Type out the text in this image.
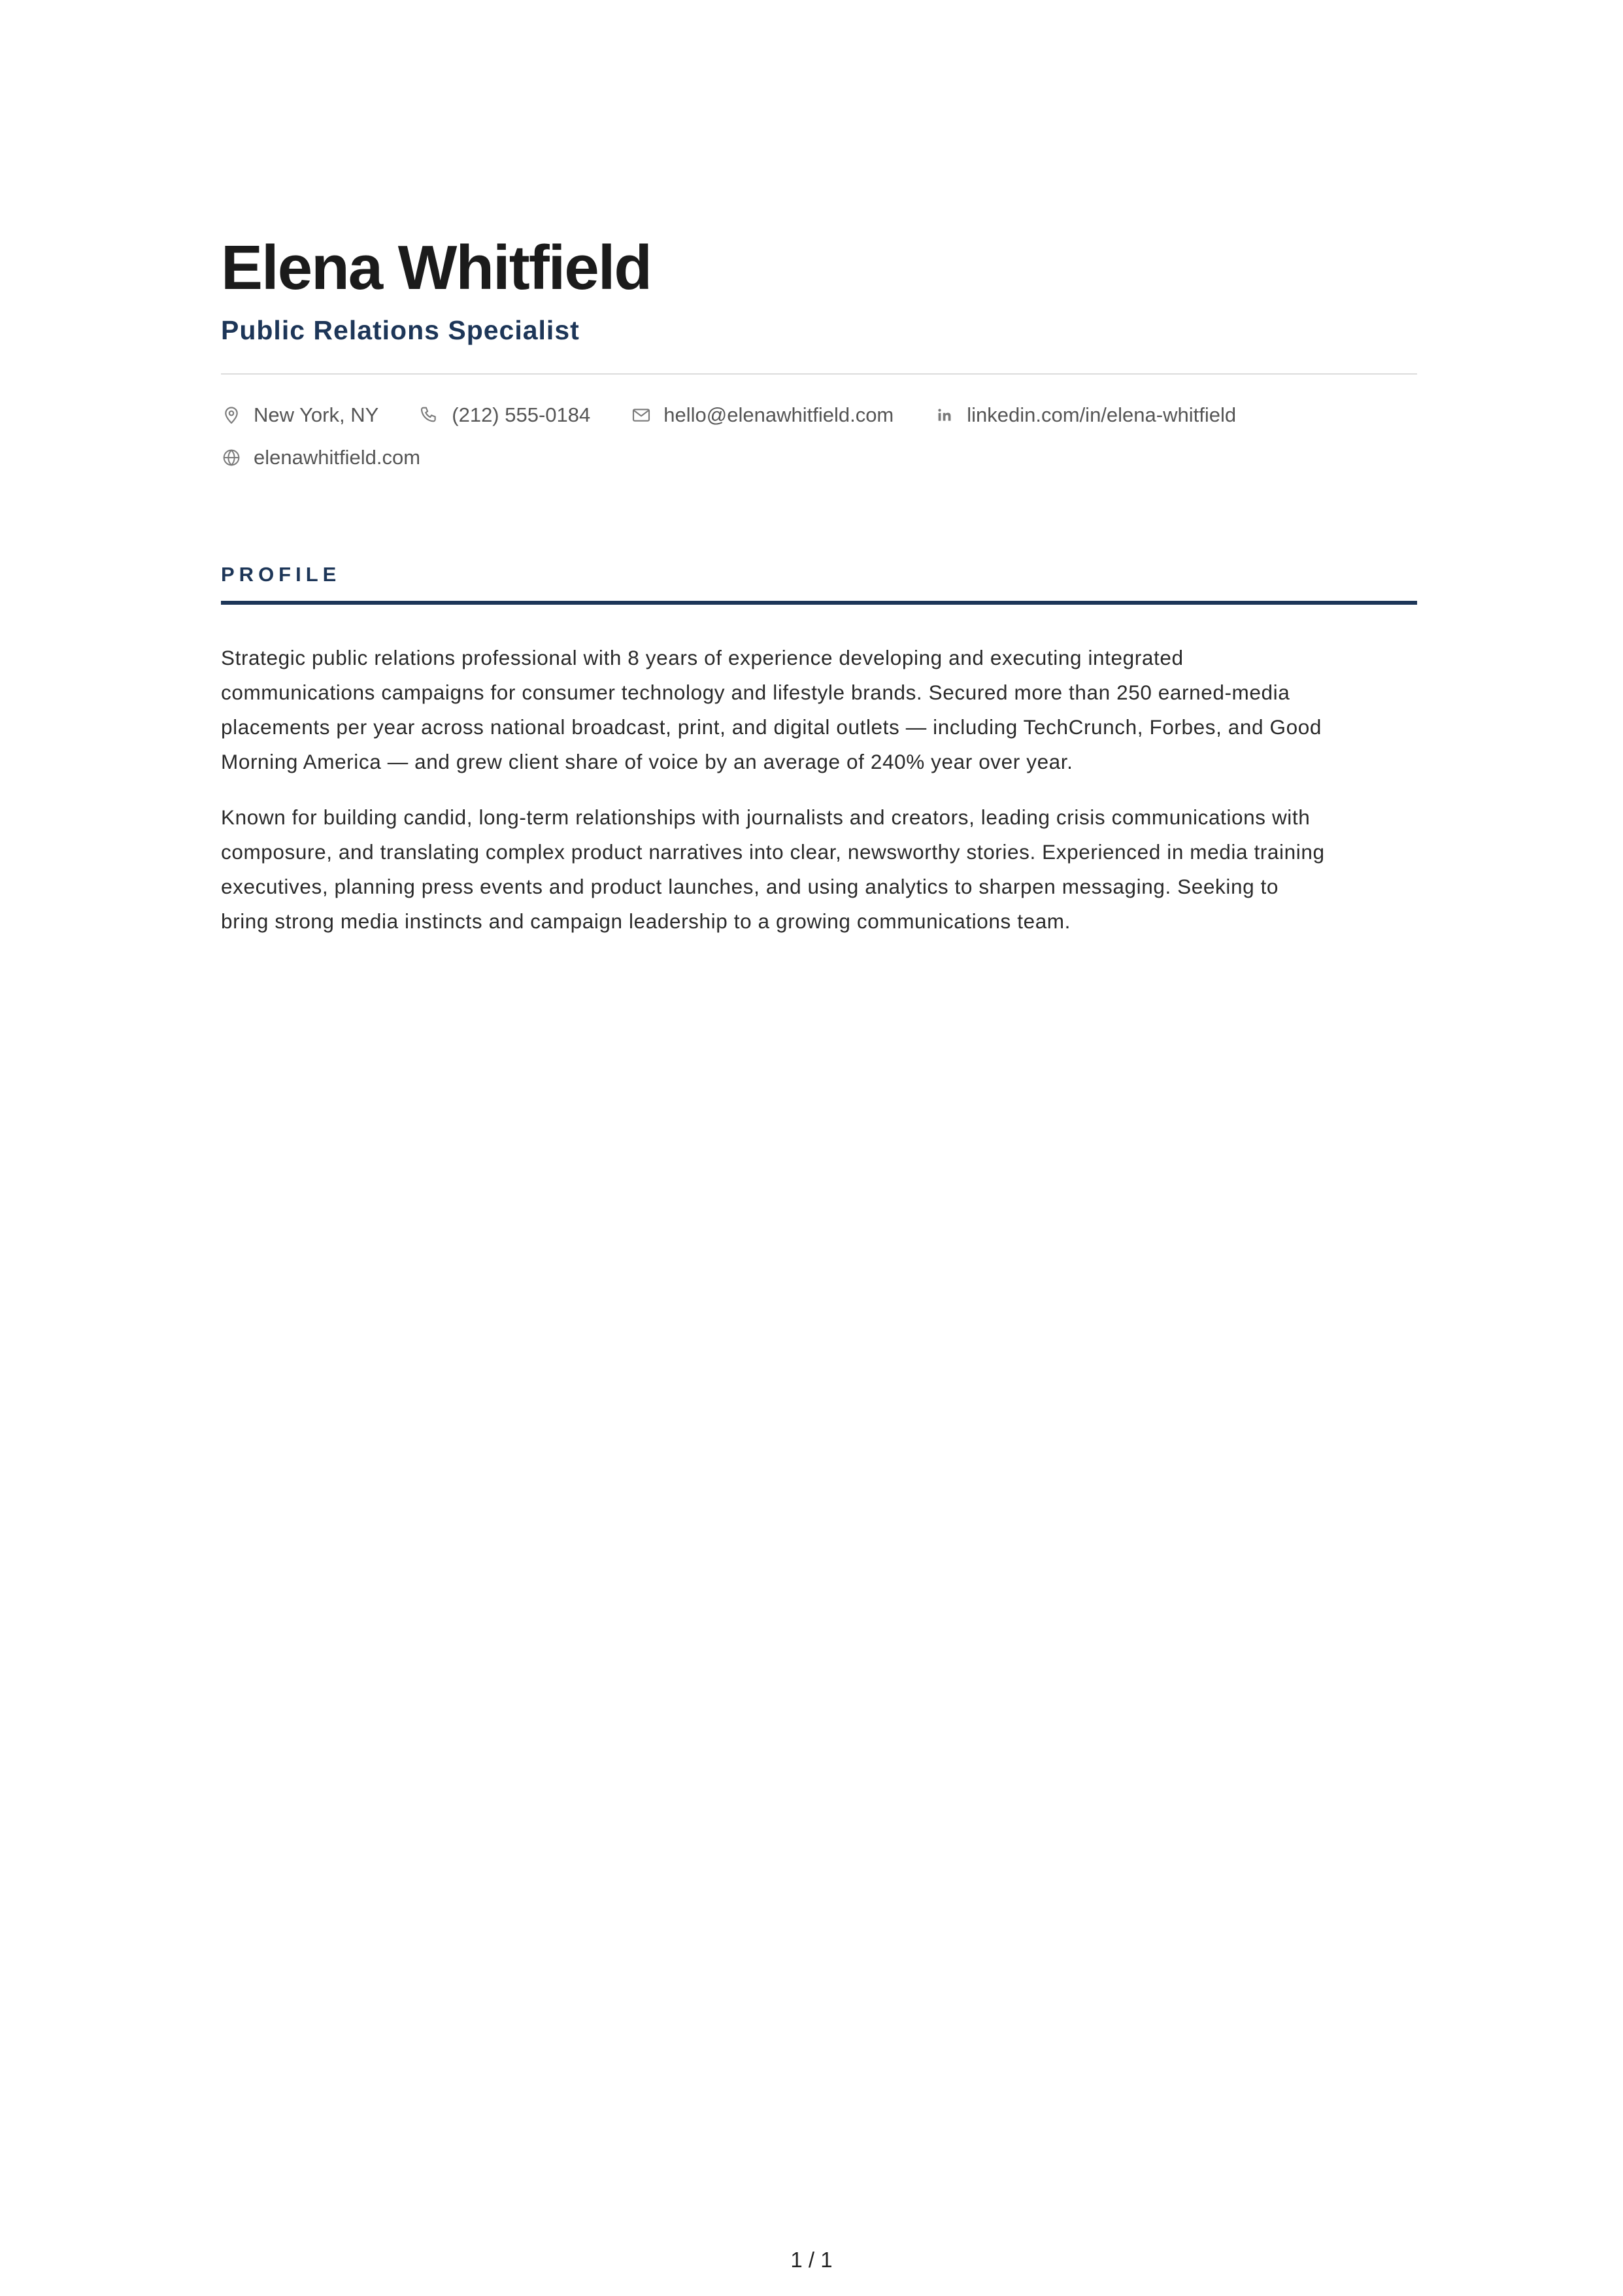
Elena Whitfield
Public Relations Specialist
New York, NY	(212) 555-0184	hello@elenawhitfield.com	linkedin.com/in/elena-whitfield
elenawhitfield.com
PROFILE

Strategic public relations professional with 8 years of experience developing and executing integrated communications campaigns for consumer technology and lifestyle brands. Secured more than 250 earned-media placements per year across national broadcast, print, and digital outlets — including TechCrunch, Forbes, and Good Morning America — and grew client share of voice by an average of 240% year over year.

Known for building candid, long-term relationships with journalists and creators, leading crisis communications with composure, and translating complex product narratives into clear, newsworthy stories. Experienced in media training executives, planning press events and product launches, and using analytics to sharpen messaging. Seeking to bring strong media instincts and campaign leadership to a growing communications team.

1 / 1
